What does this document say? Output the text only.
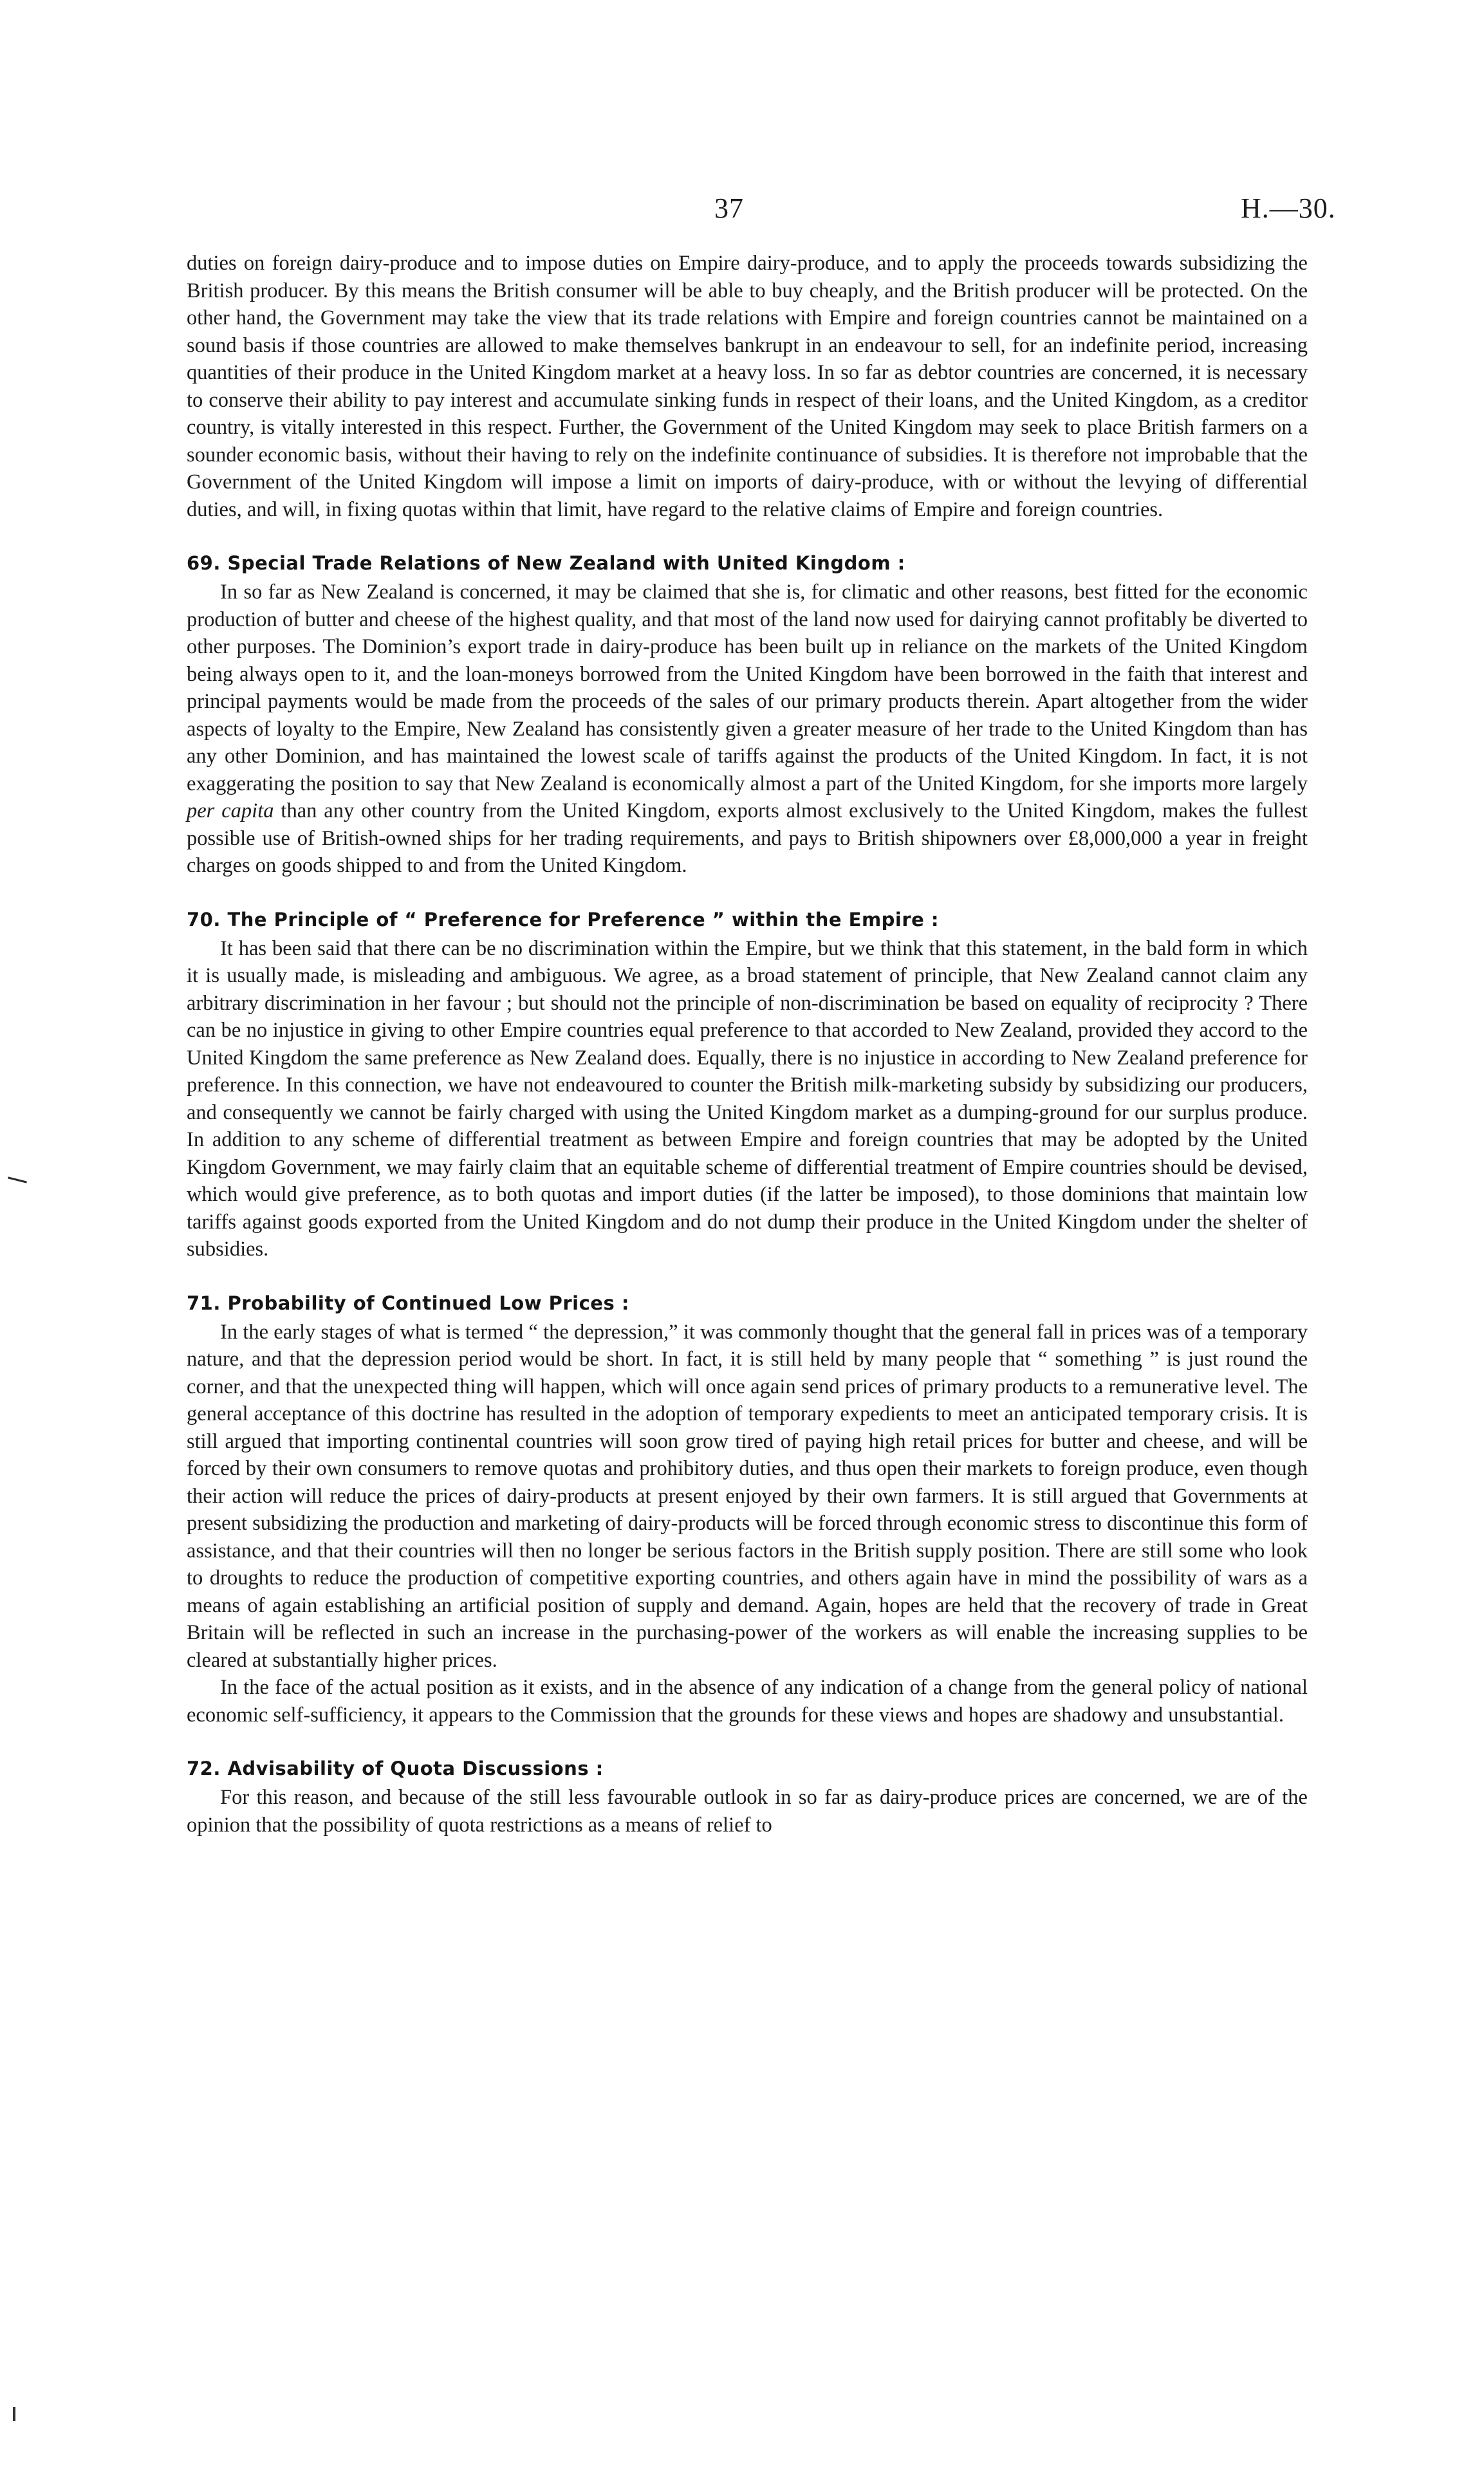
37	H.—30.

duties on foreign dairy-produce and to impose duties on Empire dairy-produce, and to apply the proceeds towards subsidizing the British producer. By this means the British consumer will be able to buy cheaply, and the British producer will be protected. On the other hand, the Government may take the view that its trade relations with Empire and foreign countries cannot be maintained on a sound basis if those countries are allowed to make themselves bankrupt in an endeavour to sell, for an indefinite period, increasing quantities of their produce in the United Kingdom market at a heavy loss. In so far as debtor countries are concerned, it is necessary to conserve their ability to pay interest and accumulate sinking funds in respect of their loans, and the United Kingdom, as a creditor country, is vitally interested in this respect. Further, the Government of the United Kingdom may seek to place British farmers on a sounder economic basis, without their having to rely on the indefinite continuance of subsidies. It is therefore not improbable that the Government of the United Kingdom will impose a limit on imports of dairy-produce, with or without the levying of differential duties, and will, in fixing quotas within that limit, have regard to the relative claims of Empire and foreign countries.

69. Special Trade Relations of New Zealand with United Kingdom :

In so far as New Zealand is concerned, it may be claimed that she is, for climatic and other reasons, best fitted for the economic production of butter and cheese of the highest quality, and that most of the land now used for dairying cannot profitably be diverted to other purposes. The Dominion’s export trade in dairy-produce has been built up in reliance on the markets of the United Kingdom being always open to it, and the loan-moneys borrowed from the United Kingdom have been borrowed in the faith that interest and principal payments would be made from the proceeds of the sales of our primary products therein. Apart altogether from the wider aspects of loyalty to the Empire, New Zealand has consistently given a greater measure of her trade to the United Kingdom than has any other Dominion, and has maintained the lowest scale of tariffs against the products of the United Kingdom. In fact, it is not exaggerating the position to say that New Zealand is economically almost a part of the United Kingdom, for she imports more largely per capita than any other country from the United Kingdom, exports almost exclusively to the United Kingdom, makes the fullest possible use of British-owned ships for her trading requirements, and pays to British shipowners over £8,000,000 a year in freight charges on goods shipped to and from the United Kingdom.

70. The Principle of “ Preference for Preference ” within the Empire :

It has been said that there can be no discrimination within the Empire, but we think that this statement, in the bald form in which it is usually made, is misleading and ambiguous. We agree, as a broad statement of principle, that New Zealand cannot claim any arbitrary discrimination in her favour ; but should not the principle of non-discrimination be based on equality of reciprocity ? There can be no injustice in giving to other Empire countries equal preference to that accorded to New Zealand, provided they accord to the United Kingdom the same preference as New Zealand does. Equally, there is no injustice in according to New Zealand preference for preference. In this connection, we have not endeavoured to counter the British milk-marketing subsidy by subsidizing our producers, and consequently we cannot be fairly charged with using the United Kingdom market as a dumping-ground for our surplus produce. In addition to any scheme of differential treatment as between Empire and foreign countries that may be adopted by the United Kingdom Government, we may fairly claim that an equitable scheme of differential treatment of Empire countries should be devised, which would give preference, as to both quotas and import duties (if the latter be imposed), to those dominions that maintain low tariffs against goods exported from the United Kingdom and do not dump their produce in the United Kingdom under the shelter of subsidies.

71. Probability of Continued Low Prices :

In the early stages of what is termed “ the depression,” it was commonly thought that the general fall in prices was of a temporary nature, and that the depression period would be short. In fact, it is still held by many people that “ something ” is just round the corner, and that the unexpected thing will happen, which will once again send prices of primary products to a remunerative level. The general acceptance of this doctrine has resulted in the adoption of temporary expedients to meet an anticipated temporary crisis. It is still argued that importing continental countries will soon grow tired of paying high retail prices for butter and cheese, and will be forced by their own consumers to remove quotas and prohibitory duties, and thus open their markets to foreign produce, even though their action will reduce the prices of dairy-products at present enjoyed by their own farmers. It is still argued that Governments at present subsidizing the production and marketing of dairy-products will be forced through economic stress to discontinue this form of assistance, and that their countries will then no longer be serious factors in the British supply position. There are still some who look to droughts to reduce the production of competitive exporting countries, and others again have in mind the possibility of wars as a means of again establishing an artificial position of supply and demand. Again, hopes are held that the recovery of trade in Great Britain will be reflected in such an increase in the purchasing-power of the workers as will enable the increasing supplies to be cleared at substantially higher prices.

In the face of the actual position as it exists, and in the absence of any indication of a change from the general policy of national economic self-sufficiency, it appears to the Commission that the grounds for these views and hopes are shadowy and unsubstantial.

72. Advisability of Quota Discussions :

For this reason, and because of the still less favourable outlook in so far as dairy-produce prices are concerned, we are of the opinion that the possibility of quota restrictions as a means of relief to
